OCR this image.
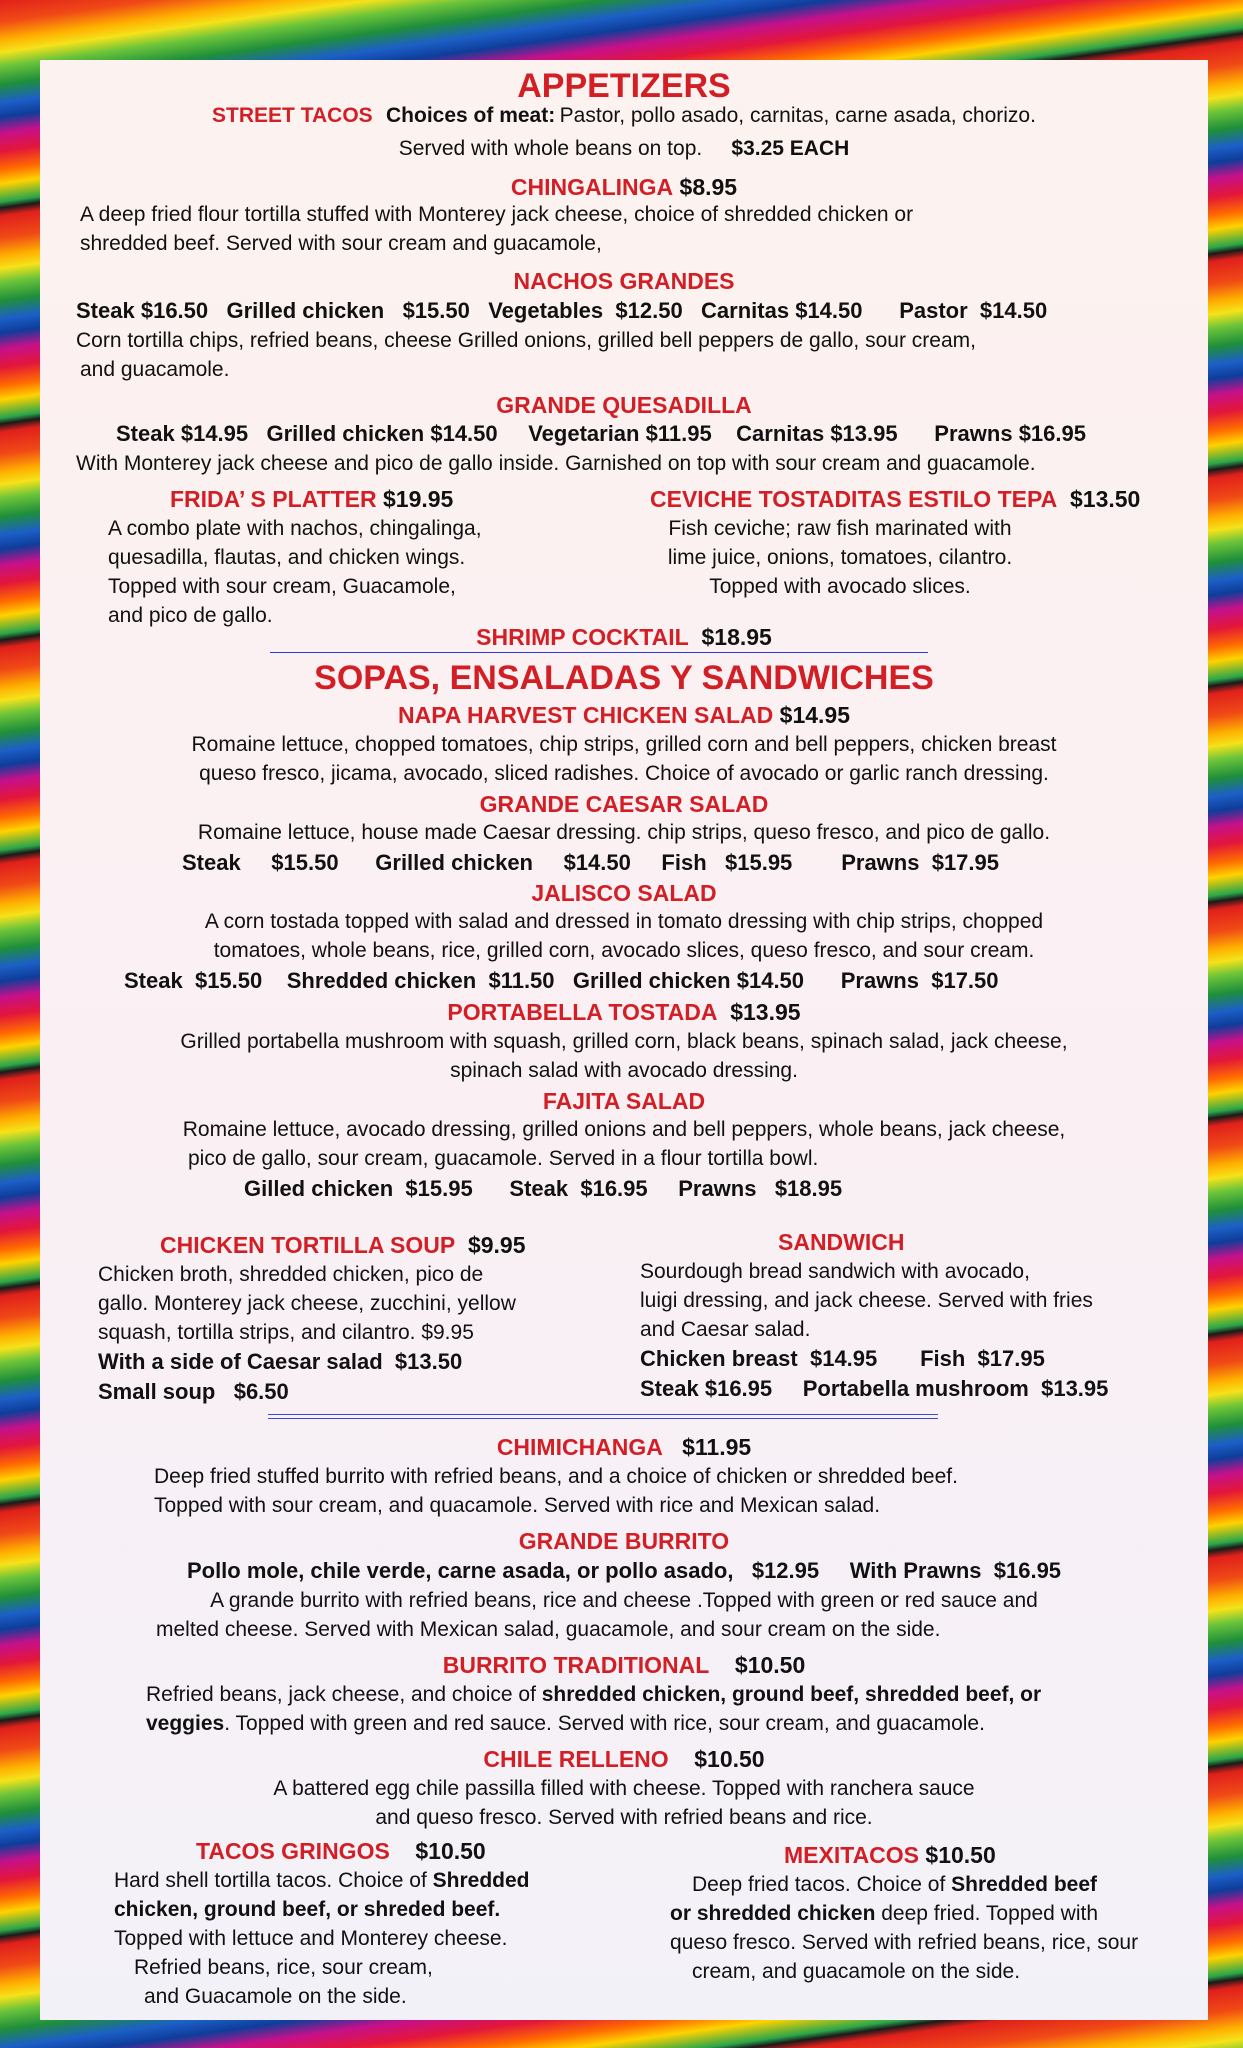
APPETIZERS
STREET TACOS Choices of meat: Pastor, pollo asado, carnitas, carne asada, chorizo.
Served with whole beans on top. $3.25 EACH
CHINGALINGA $8.95
A deep fried flour tortilla stuffed with Monterey jack cheese, choice of shredded chicken or
shredded beef. Served with sour cream and guacamole,
NACHOS GRANDES
Steak $16.50 Grilled chicken $15.50 Vegetables $12.50 Carnitas $14.50 Pastor $14.50
Corn tortilla chips, refried beans, cheese Grilled onions, grilled bell peppers de gallo, sour cream,
and guacamole.
GRANDE QUESADILLA
Steak $14.95 Grilled chicken $14.50 Vegetarian $11.95 Carnitas $13.95 Prawns $16.95
With Monterey jack cheese and pico de gallo inside. Garnished on top with sour cream and guacamole.
FRIDA’ S PLATTER $19.95
A combo plate with nachos, chingalinga,
quesadilla, flautas, and chicken wings.
Topped with sour cream, Guacamole,
and pico de gallo.
CEVICHE TOSTADITAS ESTILO TEPA $13.50
Fish ceviche; raw fish marinated with
lime juice, onions, tomatoes, cilantro.
Topped with avocado slices.
SHRIMP COCKTAIL $18.95
SOPAS, ENSALADAS Y SANDWICHES
NAPA HARVEST CHICKEN SALAD $14.95
Romaine lettuce, chopped tomatoes, chip strips, grilled corn and bell peppers, chicken breast
queso fresco, jicama, avocado, sliced radishes. Choice of avocado or garlic ranch dressing.
GRANDE CAESAR SALAD
Romaine lettuce, house made Caesar dressing. chip strips, queso fresco, and pico de gallo.
Steak $15.50 Grilled chicken $14.50 Fish $15.95 Prawns $17.95
JALISCO SALAD
A corn tostada topped with salad and dressed in tomato dressing with chip strips, chopped
tomatoes, whole beans, rice, grilled corn, avocado slices, queso fresco, and sour cream.
Steak $15.50 Shredded chicken $11.50 Grilled chicken $14.50 Prawns $17.50
PORTABELLA TOSTADA $13.95
Grilled portabella mushroom with squash, grilled corn, black beans, spinach salad, jack cheese,
spinach salad with avocado dressing.
FAJITA SALAD
Romaine lettuce, avocado dressing, grilled onions and bell peppers, whole beans, jack cheese,
pico de gallo, sour cream, guacamole. Served in a flour tortilla bowl.
Gilled chicken $15.95 Steak $16.95 Prawns $18.95
CHICKEN TORTILLA SOUP $9.95
Chicken broth, shredded chicken, pico de
gallo. Monterey jack cheese, zucchini, yellow
squash, tortilla strips, and cilantro. $9.95
With a side of Caesar salad $13.50
Small soup $6.50
SANDWICH
Sourdough bread sandwich with avocado,
luigi dressing, and jack cheese. Served with fries
and Caesar salad.
Chicken breast $14.95 Fish $17.95
Steak $16.95 Portabella mushroom $13.95
CHIMICHANGA $11.95
Deep fried stuffed burrito with refried beans, and a choice of chicken or shredded beef.
Topped with sour cream, and quacamole. Served with rice and Mexican salad.
GRANDE BURRITO
Pollo mole, chile verde, carne asada, or pollo asado, $12.95 With Prawns $16.95
A grande burrito with refried beans, rice and cheese .Topped with green or red sauce and
melted cheese. Served with Mexican salad, guacamole, and sour cream on the side.
BURRITO TRADITIONAL $10.50
Refried beans, jack cheese, and choice of shredded chicken, ground beef, shredded beef, or
veggies. Topped with green and red sauce. Served with rice, sour cream, and guacamole.
CHILE RELLENO $10.50
A battered egg chile passilla filled with cheese. Topped with ranchera sauce
and queso fresco. Served with refried beans and rice.
TACOS GRINGOS $10.50
Hard shell tortilla tacos. Choice of Shredded
chicken, ground beef, or shreded beef.
Topped with lettuce and Monterey cheese.
Refried beans, rice, sour cream,
and Guacamole on the side.
MEXITACOS $10.50
Deep fried tacos. Choice of Shredded beef
or shredded chicken deep fried. Topped with
queso fresco. Served with refried beans, rice, sour
cream, and guacamole on the side.
